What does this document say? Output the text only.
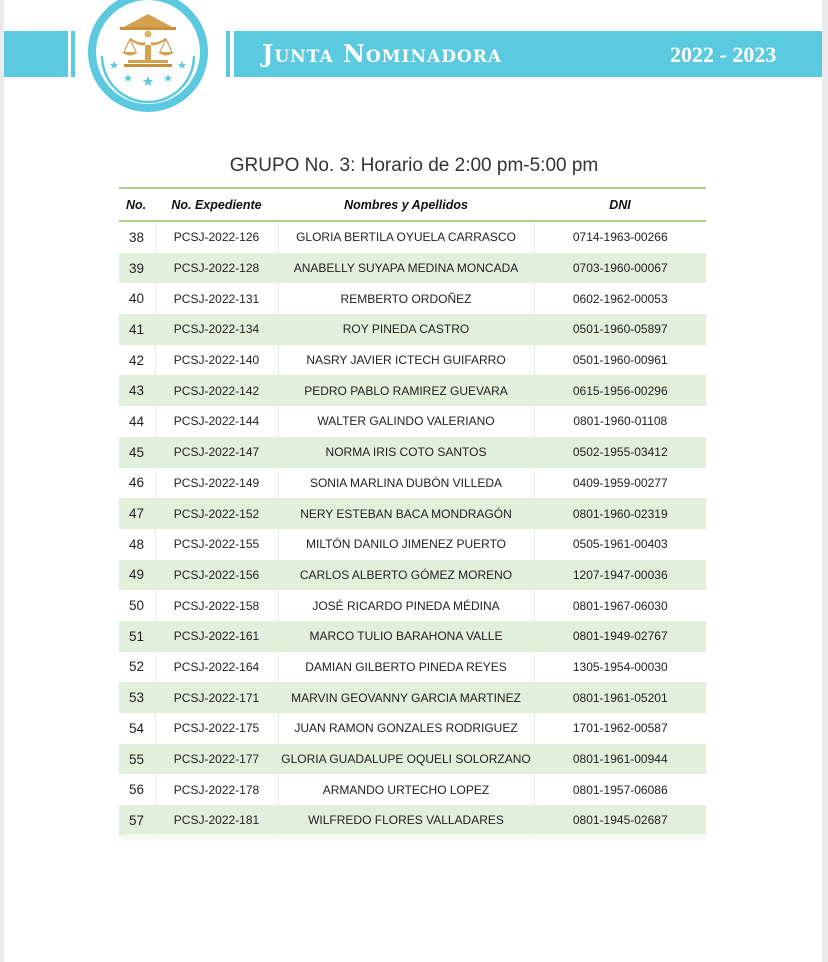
Junta Nominadora	2022 - 2023
GRUPO No. 3: Horario de 2:00 pm-5:00 pm
No.	No. Expediente	Nombres y Apellidos	DNI
38	PCSJ-2022-126	GLORIA BERTILA OYUELA CARRASCO	0714-1963-00266
39	PCSJ-2022-128	ANABELLY SUYAPA MEDINA MONCADA	0703-1960-00067
40	PCSJ-2022-131	REMBERTO ORDOÑEZ	0602-1962-00053
41	PCSJ-2022-134	ROY PINEDA CASTRO	0501-1960-05897
42	PCSJ-2022-140	NASRY JAVIER ICTECH GUIFARRO	0501-1960-00961
43	PCSJ-2022-142	PEDRO PABLO RAMIREZ GUEVARA	0615-1956-00296
44	PCSJ-2022-144	WALTER GALINDO VALERIANO	0801-1960-01108
45	PCSJ-2022-147	NORMA IRIS COTO SANTOS	0502-1955-03412
46	PCSJ-2022-149	SONIA MARLINA DUBÓN VILLEDA	0409-1959-00277
47	PCSJ-2022-152	NERY ESTEBAN BACA MONDRAGÓN	0801-1960-02319
48	PCSJ-2022-155	MILTÓN DANILO JIMENEZ PUERTO	0505-1961-00403
49	PCSJ-2022-156	CARLOS ALBERTO GÓMEZ MORENO	1207-1947-00036
50	PCSJ-2022-158	JOSÉ RICARDO PINEDA MÉDINA	0801-1967-06030
51	PCSJ-2022-161	MARCO TULIO BARAHONA VALLE	0801-1949-02767
52	PCSJ-2022-164	DAMIAN GILBERTO PINEDA REYES	1305-1954-00030
53	PCSJ-2022-171	MARVIN GEOVANNY GARCIA MARTINEZ	0801-1961-05201
54	PCSJ-2022-175	JUAN RAMON GONZALES RODRIGUEZ	1701-1962-00587
55	PCSJ-2022-177	GLORIA GUADALUPE OQUELI SOLORZANO	0801-1961-00944
56	PCSJ-2022-178	ARMANDO URTECHO LOPEZ	0801-1957-06086
57	PCSJ-2022-181	WILFREDO FLORES VALLADARES	0801-1945-02687
